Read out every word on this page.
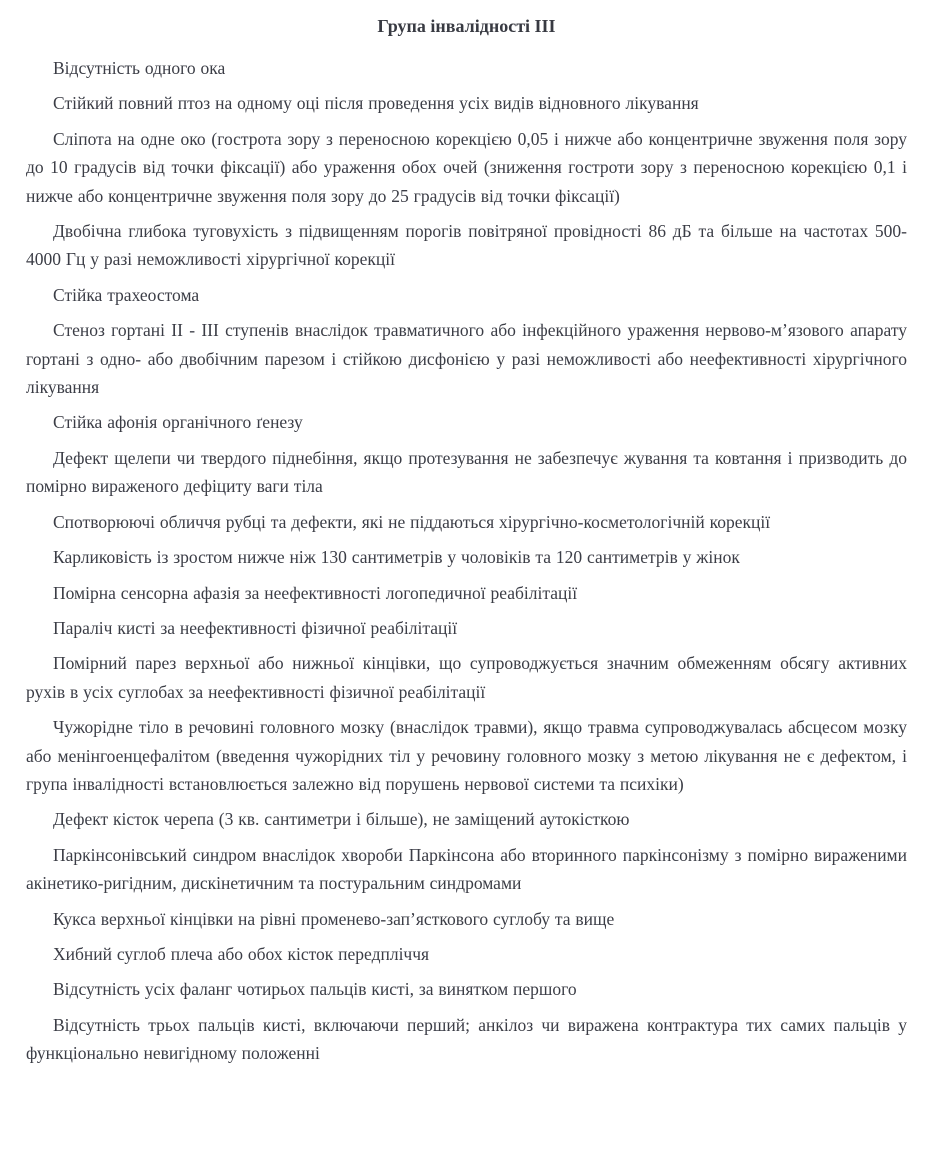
Група інвалідності III

Відсутність одного ока

Стійкий повний птоз на одному оці після проведення усіх видів відновного лікування

Сліпота на одне око (гострота зору з переносною корекцією 0,05 і нижче або концентричне звуження поля зору до 10 градусів від точки фіксації) або ураження обох очей (зниження гостроти зору з переносною корекцією 0,1 і нижче або концентричне звуження поля зору до 25 градусів від точки фіксації)

Двобічна глибока туговухість з підвищенням порогів повітряної провідності 86 дБ та більше на частотах 500-4000 Гц у разі неможливості хірургічної корекції

Стійка трахеостома

Стеноз гортані II - III ступенів внаслідок травматичного або інфекційного ураження нервово-м’язового апарату гортані з одно- або двобічним парезом і стійкою дисфонією у разі неможливості або неефективності хірургічного лікування

Стійка афонія органічного ґенезу

Дефект щелепи чи твердого піднебіння, якщо протезування не забезпечує жування та ковтання і призводить до помірно вираженого дефіциту ваги тіла

Спотворюючі обличчя рубці та дефекти, які не піддаються хірургічно-косметологічній корекції

Карликовість із зростом нижче ніж 130 сантиметрів у чоловіків та 120 сантиметрів у жінок

Помірна сенсорна афазія за неефективності логопедичної реабілітації

Параліч кисті за неефективності фізичної реабілітації

Помірний парез верхньої або нижньої кінцівки, що супроводжується значним обмеженням обсягу активних рухів в усіх суглобах за неефективності фізичної реабілітації

Чужорідне тіло в речовині головного мозку (внаслідок травми), якщо травма супроводжувалась абсцесом мозку або менінгоенцефалітом (введення чужорідних тіл у речовину головного мозку з метою лікування не є дефектом, і група інвалідності встановлюється залежно від порушень нервової системи та психіки)

Дефект кісток черепа (3 кв. сантиметри і більше), не заміщений аутокісткою

Паркінсонівський синдром внаслідок хвороби Паркінсона або вторинного паркінсонізму з помірно вираженими акінетико-ригідним, дискінетичним та постуральним синдромами

Кукса верхньої кінцівки на рівні променево-зап’ясткового суглобу та вище

Хибний суглоб плеча або обох кісток передпліччя

Відсутність усіх фаланг чотирьох пальців кисті, за винятком першого

Відсутність трьох пальців кисті, включаючи перший; анкілоз чи виражена контрактура тих самих пальців у функціонально невигідному положенні
